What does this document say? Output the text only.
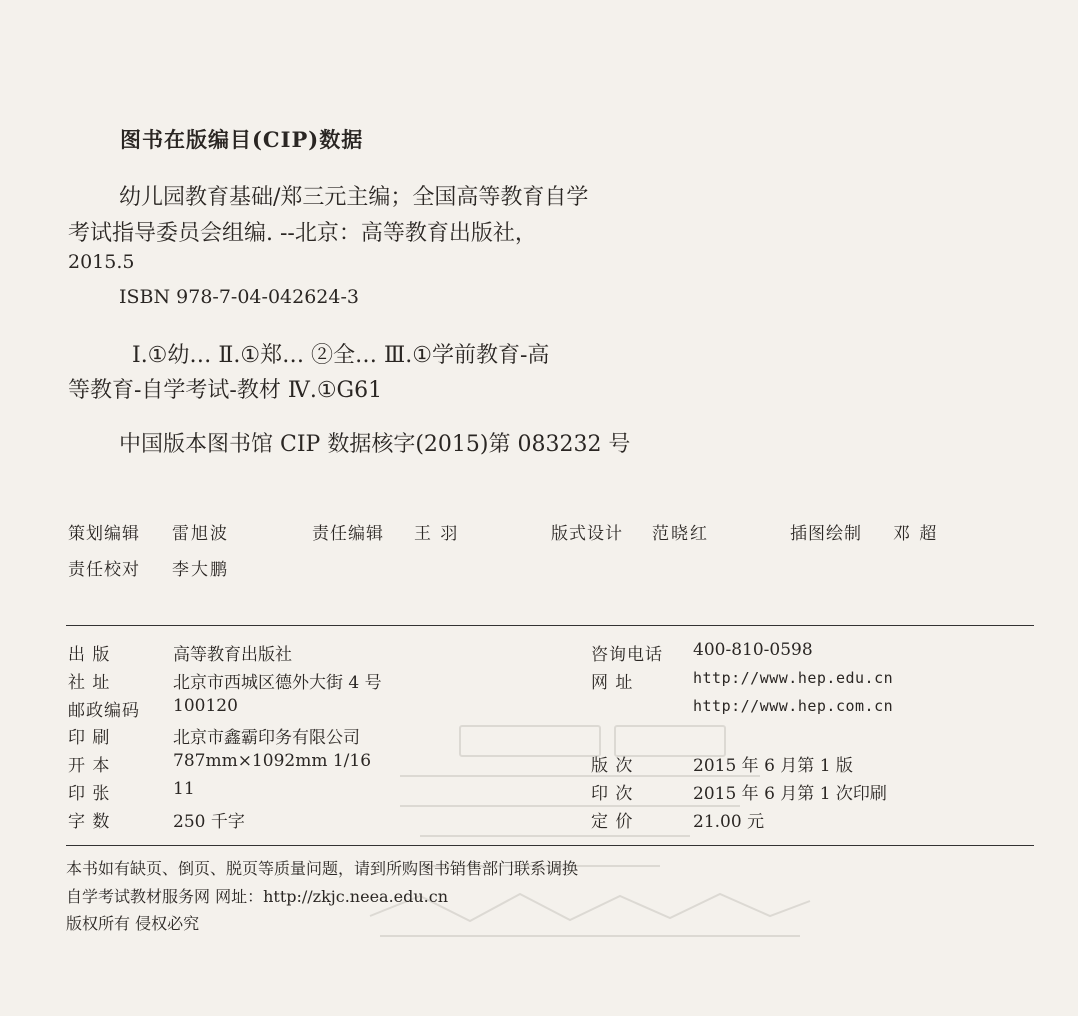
图书在版编目(CIP)数据
幼儿园教育基础/郑三元主编；全国高等教育自学
考试指导委员会组编. --北京：高等教育出版社，
2015.5
ISBN 978-7-04-042624-3
Ⅰ.①幼… Ⅱ.①郑… ②全… Ⅲ.①学前教育-高
等教育-自学考试-教材 Ⅳ.①G61
中国版本图书馆 CIP 数据核字(2015)第 083232 号
策划编辑 雷旭波	责任编辑 王 羽	版式设计 范晓红	插图绘制 邓 超
责任校对 李大鹏
出 版	高等教育出版社
社 址	北京市西城区德外大街 4 号
邮政编码	100120
印 刷	北京市鑫霸印务有限公司
开 本	787mm×1092mm 1/16
印 张	11
字 数	250 千字
咨询电话 400-810-0598
网 址	http://www.hep.edu.cn
http://www.hep.com.cn
版 次	2015 年 6 月第 1 版
印 次	2015 年 6 月第 1 次印刷
定 价	21.00 元
本书如有缺页、倒页、脱页等质量问题，请到所购图书销售部门联系调换
自学考试教材服务网 网址：http://zkjc.neea.edu.cn
版权所有 侵权必究
